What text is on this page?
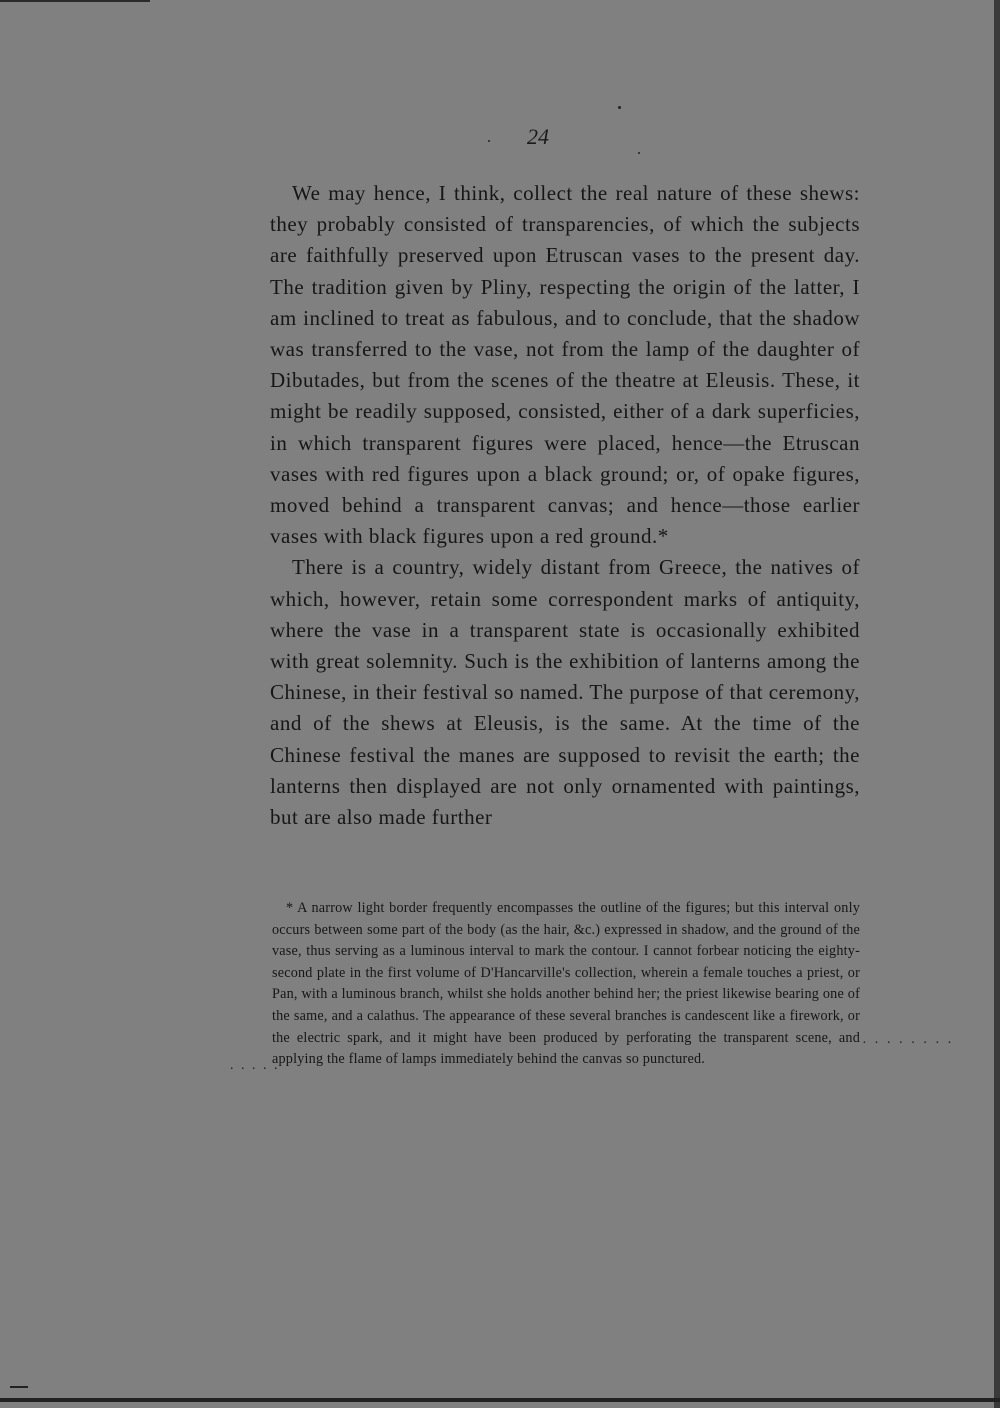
24

We may hence, I think, collect the real nature of these shews: they probably consisted of transparencies, of which the subjects are faithfully preserved upon Etruscan vases to the present day. The tradition given by Pliny, respecting the origin of the latter, I am inclined to treat as fabulous, and to conclude, that the shadow was transferred to the vase, not from the lamp of the daughter of Dibutades, but from the scenes of the theatre at Eleusis. These, it might be readily supposed, consisted, either of a dark superficies, in which transparent figures were placed, hence—the Etruscan vases with red figures upon a black ground; or, of opake figures, moved behind a transparent canvas; and hence—those earlier vases with black figures upon a red ground.*

There is a country, widely distant from Greece, the natives of which, however, retain some correspondent marks of antiquity, where the vase in a transparent state is occasionally exhibited with great solemnity. Such is the exhibition of lanterns among the Chinese, in their festival so named. The purpose of that ceremony, and of the shews at Eleusis, is the same. At the time of the Chinese festival the manes are supposed to revisit the earth; the lanterns then displayed are not only ornamented with paintings, but are also made further

* A narrow light border frequently encompasses the outline of the figures; but this interval only occurs between some part of the body (as the hair, &c.) expressed in shadow, and the ground of the vase, thus serving as a luminous interval to mark the contour. I cannot forbear noticing the eighty-second plate in the first volume of D'Hancarville's collection, wherein a female touches a priest, or Pan, with a luminous branch, whilst she holds another behind her; the priest likewise bearing one of the same, and a calathus. The appearance of these several branches is candescent like a firework, or the electric spark, and it might have been produced by perforating the transparent scene, and applying the flame of lamps immediately behind the canvas so punctured.

· · · · · · · ·
. . . . .
